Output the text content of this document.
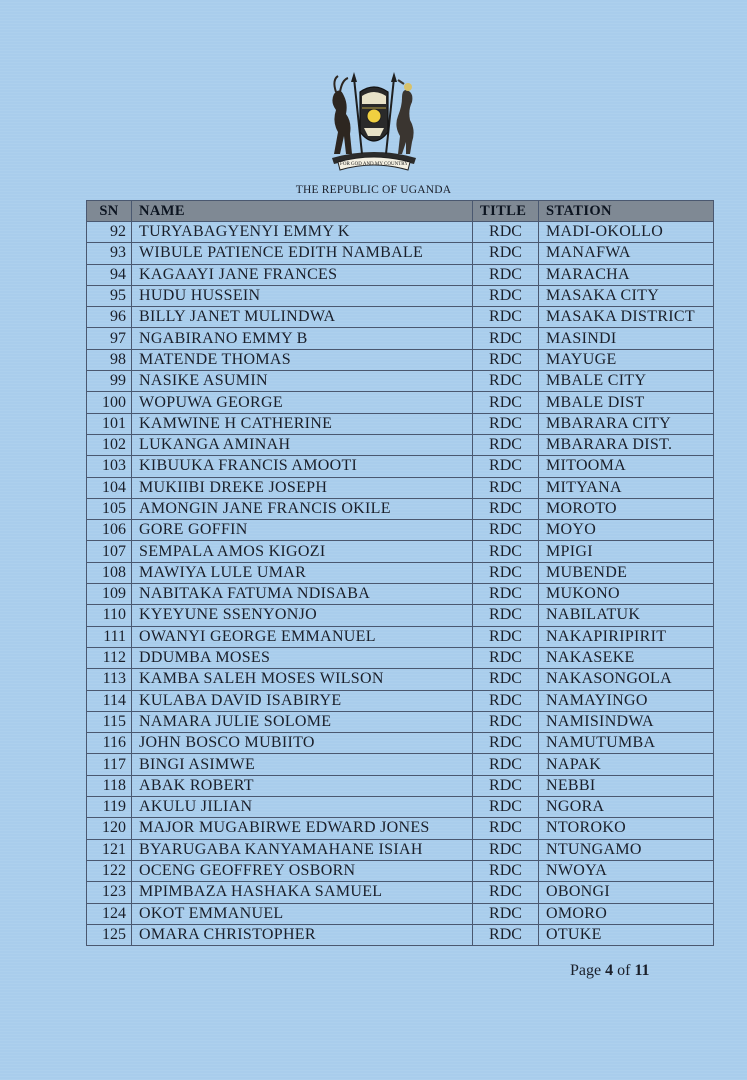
FOR GOD AND MY COUNTRY
THE REPUBLIC OF UGANDA
SN	NAME	TITLE	STATION
92	TURYABAGYENYI EMMY K	RDC	MADI-OKOLLO
93	WIBULE PATIENCE EDITH NAMBALE	RDC	MANAFWA
94	KAGAAYI JANE FRANCES	RDC	MARACHA
95	HUDU HUSSEIN	RDC	MASAKA CITY
96	BILLY JANET MULINDWA	RDC	MASAKA DISTRICT
97	NGABIRANO EMMY B	RDC	MASINDI
98	MATENDE THOMAS	RDC	MAYUGE
99	NASIKE ASUMIN	RDC	MBALE CITY
100	WOPUWA GEORGE	RDC	MBALE DIST
101	KAMWINE H CATHERINE	RDC	MBARARA CITY
102	LUKANGA AMINAH	RDC	MBARARA DIST.
103	KIBUUKA FRANCIS AMOOTI	RDC	MITOOMA
104	MUKIIBI DREKE JOSEPH	RDC	MITYANA
105	AMONGIN JANE FRANCIS OKILE	RDC	MOROTO
106	GORE GOFFIN	RDC	MOYO
107	SEMPALA AMOS KIGOZI	RDC	MPIGI
108	MAWIYA LULE UMAR	RDC	MUBENDE
109	NABITAKA FATUMA NDISABA	RDC	MUKONO
110	KYEYUNE SSENYONJO	RDC	NABILATUK
111	OWANYI GEORGE EMMANUEL	RDC	NAKAPIRIPIRIT
112	DDUMBA MOSES	RDC	NAKASEKE
113	KAMBA SALEH MOSES WILSON	RDC	NAKASONGOLA
114	KULABA DAVID ISABIRYE	RDC	NAMAYINGO
115	NAMARA JULIE SOLOME	RDC	NAMISINDWA
116	JOHN BOSCO MUBIITO	RDC	NAMUTUMBA
117	BINGI ASIMWE	RDC	NAPAK
118	ABAK ROBERT	RDC	NEBBI
119	AKULU JILIAN	RDC	NGORA
120	MAJOR MUGABIRWE EDWARD JONES	RDC	NTOROKO
121	BYARUGABA KANYAMAHANE ISIAH	RDC	NTUNGAMO
122	OCENG GEOFFREY OSBORN	RDC	NWOYA
123	MPIMBAZA HASHAKA SAMUEL	RDC	OBONGI
124	OKOT EMMANUEL	RDC	OMORO
125	OMARA CHRISTOPHER	RDC	OTUKE
Page 4 of 11
